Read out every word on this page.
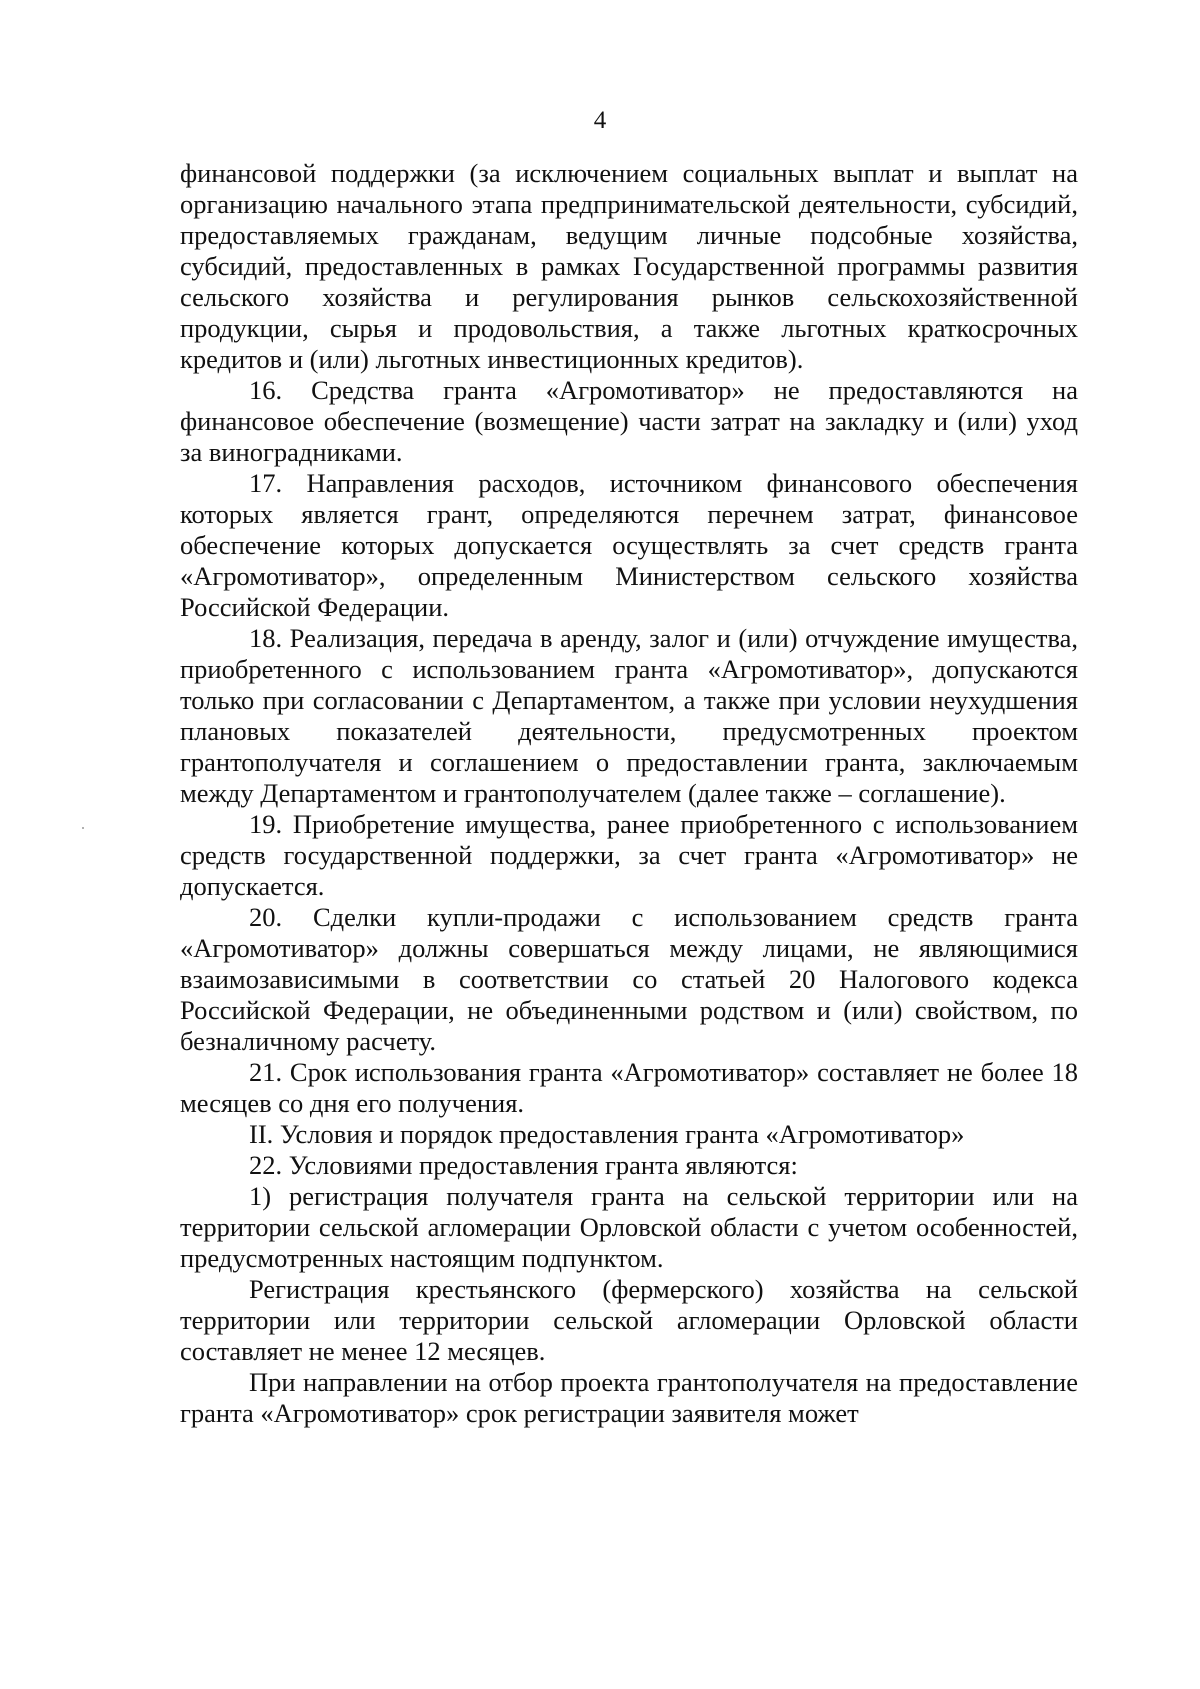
4

финансовой поддержки (за исключением социальных выплат и выплат на организацию начального этапа предпринимательской деятельности, субсидий, предоставляемых гражданам, ведущим личные подсобные хозяйства, субсидий, предоставленных в рамках Государственной программы развития сельского хозяйства и регулирования рынков сельскохозяйственной продукции, сырья и продовольствия, а также льготных краткосрочных кредитов и (или) льготных инвестиционных кредитов).

16. Средства гранта «Агромотиватор» не предоставляются на финансовое обеспечение (возмещение) части затрат на закладку и (или) уход за виноградниками.

17. Направления расходов, источником финансового обеспечения которых является грант, определяются перечнем затрат, финансовое обеспечение которых допускается осуществлять за счет средств гранта «Агромотиватор», определенным Министерством сельского хозяйства Российской Федерации.

18. Реализация, передача в аренду, залог и (или) отчуждение имущества, приобретенного с использованием гранта «Агромотиватор», допускаются только при согласовании с Департаментом, а также при условии неухудшения плановых показателей деятельности, предусмотренных проектом грантополучателя и соглашением о предоставлении гранта, заключаемым между Департаментом и грантополучателем (далее также – соглашение).

19. Приобретение имущества, ранее приобретенного с использованием средств государственной поддержки, за счет гранта «Агромотиватор» не допускается.

20. Сделки купли-продажи с использованием средств гранта «Агромотиватор» должны совершаться между лицами, не являющимися взаимозависимыми в соответствии со статьей 20 Налогового кодекса Российской Федерации, не объединенными родством и (или) свойством, по безналичному расчету.

21. Срок использования гранта «Агромотиватор» составляет не более 18 месяцев со дня его получения.

II. Условия и порядок предоставления гранта «Агромотиватор»

22. Условиями предоставления гранта являются:

1) регистрация получателя гранта на сельской территории или на территории сельской агломерации Орловской области с учетом особенностей, предусмотренных настоящим подпунктом.

Регистрация крестьянского (фермерского) хозяйства на сельской территории или территории сельской агломерации Орловской области составляет не менее 12 месяцев.

При направлении на отбор проекта грантополучателя на предоставление гранта «Агромотиватор» срок регистрации заявителя может
